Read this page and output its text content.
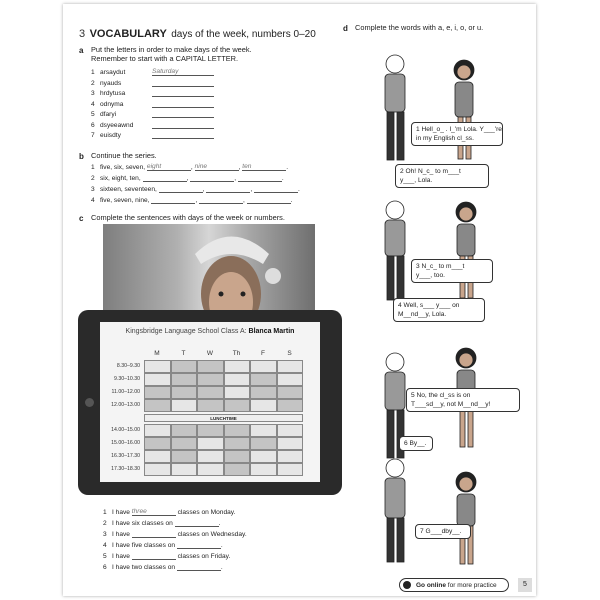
3 VOCABULARY days of the week, numbers 0–20
a Put the letters in order to make days of the week.
Remember to start with a CAPITAL LETTER.
1 arsaydut	Saturday
2 nyauds
3 hrdytusa
4 odnyma
5 dfaryi
6 dsyeeawnd
7 euisdty
b Continue the series.
1 five, six, seven, eight	, nine	, ten	.
2 six, eight, ten,	,	,	.
3 sixteen, seventeen,	,	,	.
4 five, seven, nine,	,	,	.
c Complete the sentences with days of the week or numbers.
Kingsbridge Language School Class A: Blanca Martin
M	T	W	Th	F	S
8.30–9.30
9.30–10.30
11.00–12.00
12.00–13.00
14.00–15.00
15.00–16.00
16.30–17.30
17.30–18.30
LUNCHTIME
1 I have three	classes on Monday.
2 I have six classes on	.
3 I have	classes on Wednesday.
4 I have five classes on	.
5 I have	classes on Friday.
6 I have two classes on	.
d Complete the words with a, e, i, o, or u.
1 Hell_o_ . I_'m Lola. Y___'re
in my English cl_ss.
2 Oh! N_c_ to m___t
y___, Lola.
3 N_c_ to m___t
y___, too.
4 Well, s___ y___ on
M__nd__y, Lola.
5 No, the cl_ss is on
T___sd__y, not M__nd__y!
6 By__.
7 G___dby__.
Go online for more practice	5
